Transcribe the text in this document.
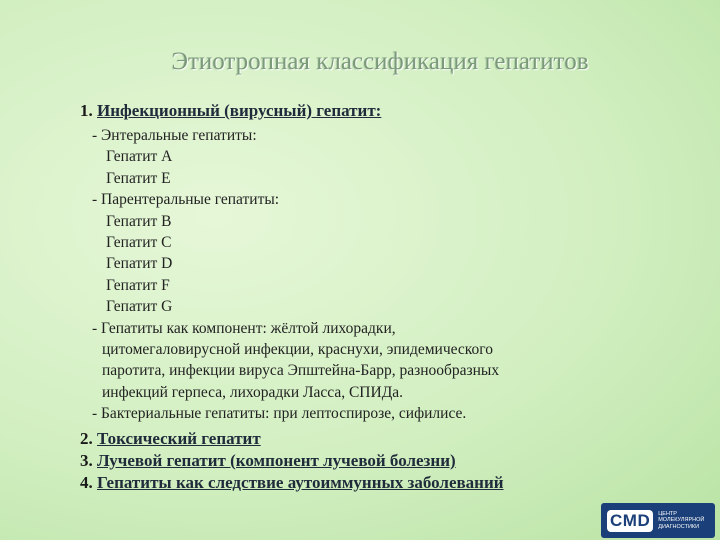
Этиотропная классификация гепатитов

1. Инфекционный (вирусный) гепатит:

- Энтеральные гепатиты:

Гепатит А

Гепатит Е

- Парентеральные гепатиты:

Гепатит В

Гепатит С

Гепатит D

Гепатит F

Гепатит G

- Гепатиты как компонент: жёлтой лихорадки,

цитомегаловирусной инфекции, краснухи, эпидемического

паротита, инфекции вируса Эпштейна-Барр, разнообразных

инфекций герпеса, лихорадки Ласса, СПИДа.

- Бактериальные гепатиты: при лептоспирозе, сифилисе.

2. Токсический гепатит

3. Лучевой гепатит (компонент лучевой болезни)

4. Гепатиты как следствие аутоиммунных заболеваний

CMD	ЦЕНТР
МОЛЕКУЛЯРНОЙ
ДИАГНОСТИКИ
